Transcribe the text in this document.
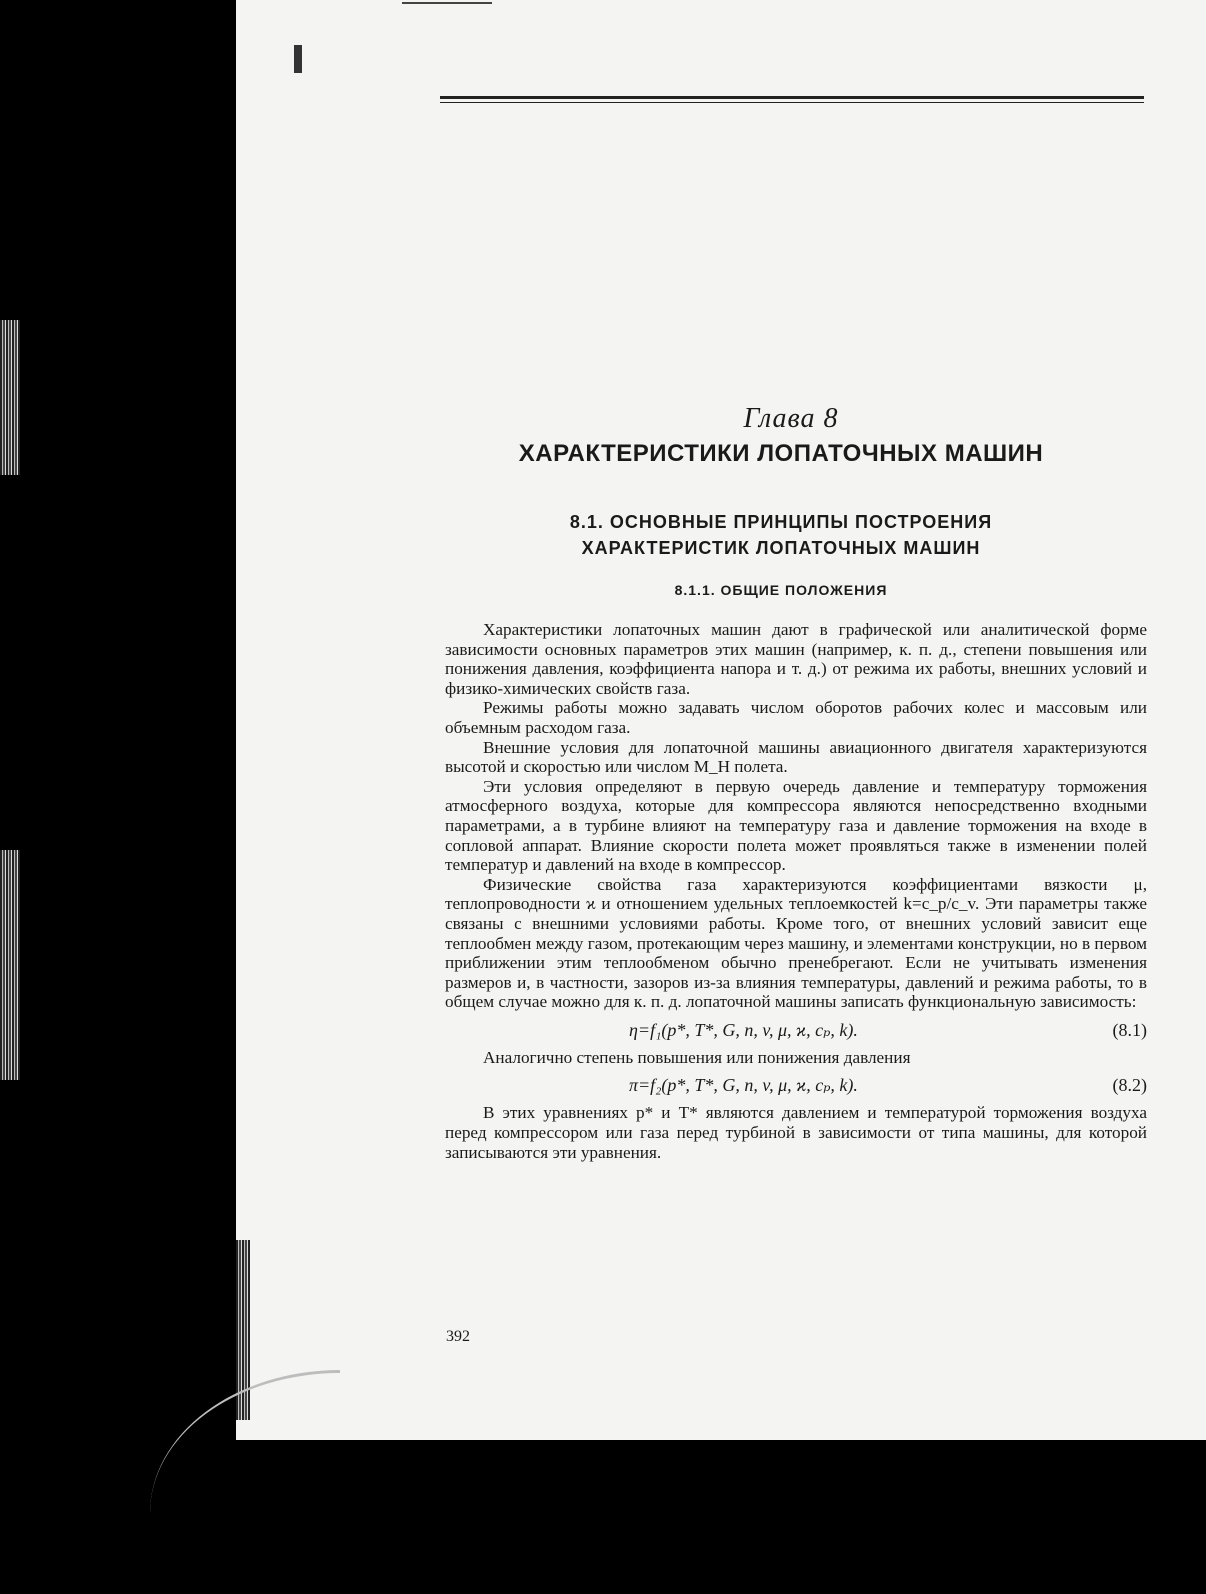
Глава 8
ХАРАКТЕРИСТИКИ ЛОПАТОЧНЫХ МАШИН
8.1. ОСНОВНЫЕ ПРИНЦИПЫ ПОСТРОЕНИЯ
ХАРАКТЕРИСТИК ЛОПАТОЧНЫХ МАШИН
8.1.1. ОБЩИЕ ПОЛОЖЕНИЯ

Характеристики лопаточных машин дают в графической или аналитической форме зависимости основных параметров этих машин (например, к. п. д., степени повышения или понижения давления, коэффициента напора и т. д.) от режима их работы, внешних условий и физико-химических свойств газа.

Режимы работы можно задавать числом оборотов рабочих колес и массовым или объемным расходом газа.

Внешние условия для лопаточной машины авиационного двигателя характеризуются высотой и скоростью или числом M_H полета.

Эти условия определяют в первую очередь давление и температуру торможения атмосферного воздуха, которые для компрессора являются непосредственно входными параметрами, а в турбине влияют на температуру газа и давление торможения на входе в сопловой аппарат. Влияние скорости полета может проявляться также в изменении полей температур и давлений на входе в компрессор.

Физические свойства газа характеризуются коэффициентами вязкости μ, теплопроводности ϰ и отношением удельных теплоемкостей k=c_p/c_v. Эти параметры также связаны с внешними условиями работы. Кроме того, от внешних условий зависит еще теплообмен между газом, протекающим через машину, и элементами конструкции, но в первом приближении этим теплообменом обычно пренебрегают. Если не учитывать изменения размеров и, в частности, зазоров из-за влияния температуры, давлений и режима работы, то в общем случае можно для к. п. д. лопаточной машины записать функциональную зависимость:

η=f₁(p*, T*, G, n, v, μ, ϰ, cₚ, k).	(8.1)

Аналогично степень повышения или понижения давления

π=f₂(p*, T*, G, n, v, μ, ϰ, cₚ, k).	(8.2)

В этих уравнениях p* и T* являются давлением и температурой торможения воздуха перед компрессором или газа перед турбиной в зависимости от типа машины, для которой записываются эти уравнения.

392
